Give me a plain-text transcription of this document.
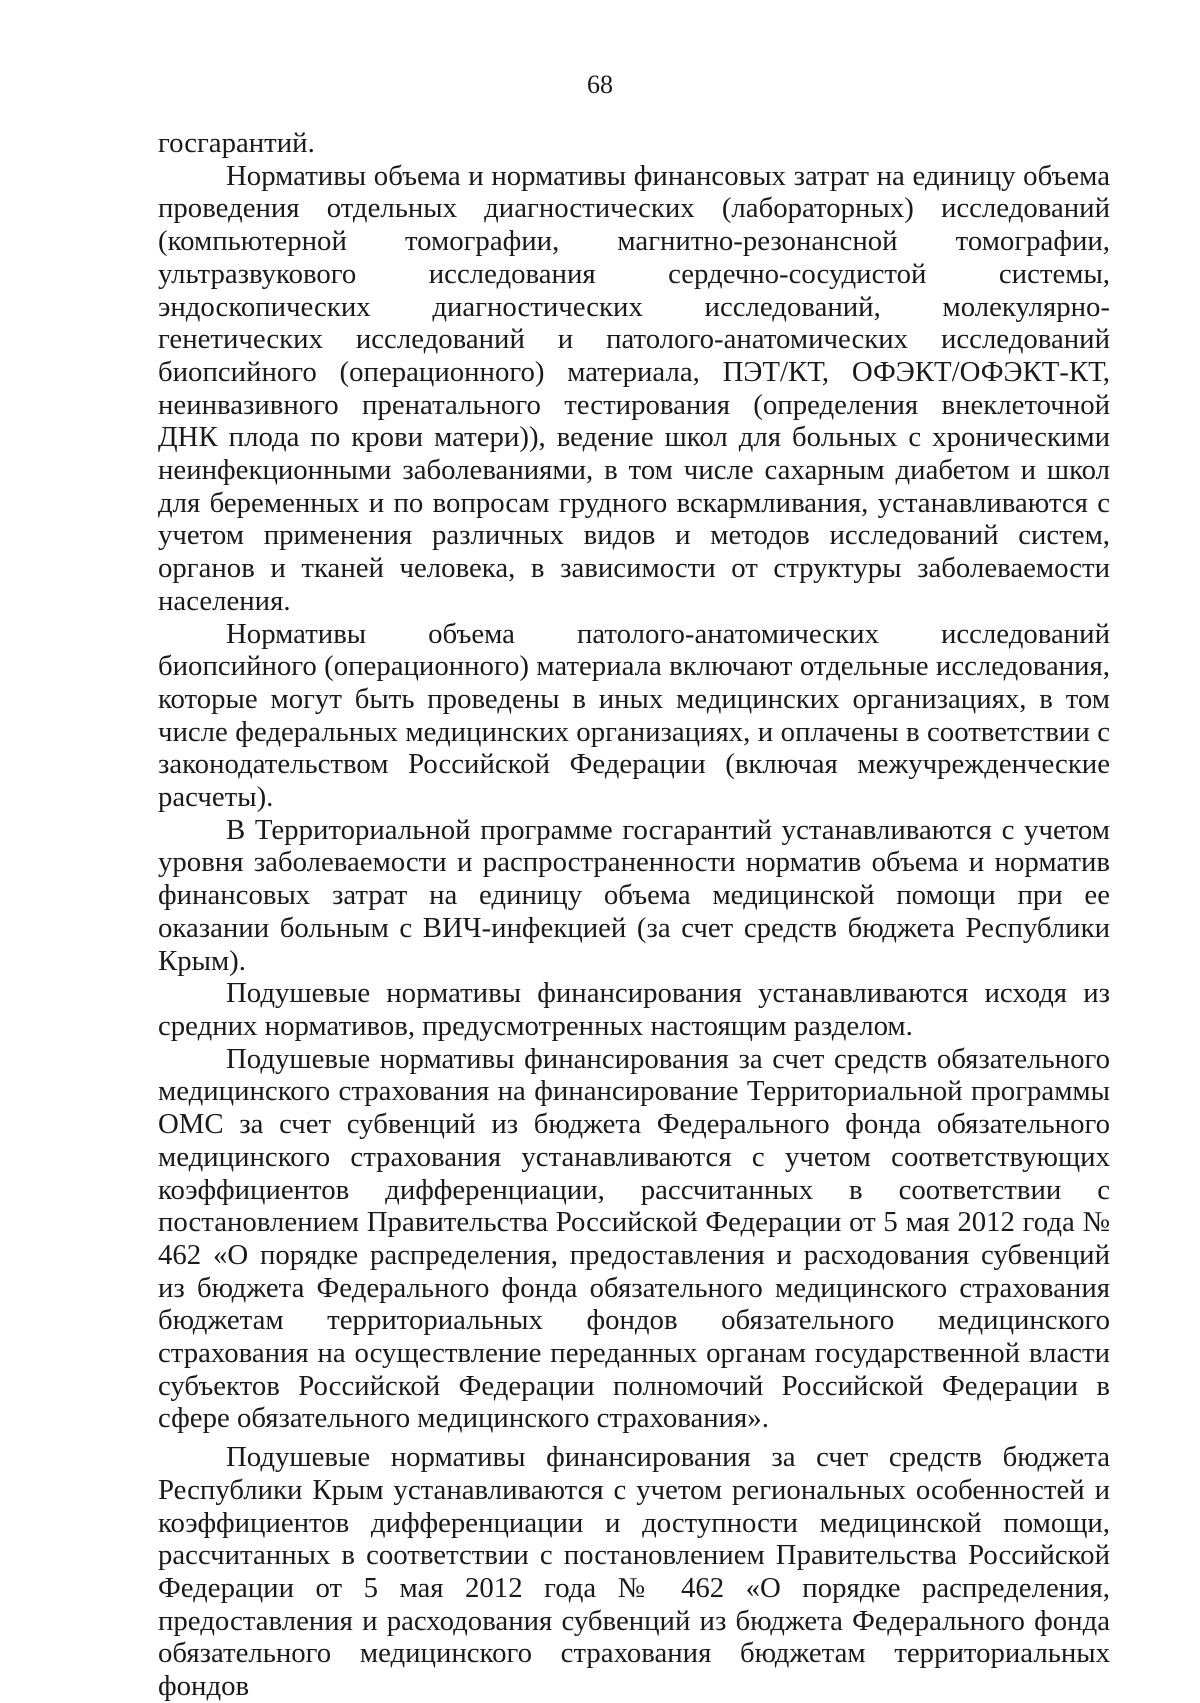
68

госгарантий.

Нормативы объема и нормативы финансовых затрат на единицу объема проведения отдельных диагностических (лабораторных) исследований (компьютерной томографии, магнитно-резонансной томографии, ультразвукового исследования сердечно-сосудистой системы, эндоскопических диагностических исследований, молекулярно-генетических исследований и патолого-анатомических исследований биопсийного (операционного) материала, ПЭТ/КТ, ОФЭКТ/ОФЭКТ-КТ, неинвазивного пренатального тестирования (определения внеклеточной ДНК плода по крови матери)), ведение школ для больных с хроническими неинфекционными заболеваниями, в том числе сахарным диабетом и школ для беременных и по вопросам грудного вскармливания, устанавливаются с учетом применения различных видов и методов исследований систем, органов и тканей человека, в зависимости от структуры заболеваемости населения.

Нормативы объема патолого-анатомических исследований биопсийного (операционного) материала включают отдельные исследования, которые могут быть проведены в иных медицинских организациях, в том числе федеральных медицинских организациях, и оплачены в соответствии с законодательством Российской Федерации (включая межучрежденческие расчеты).

В Территориальной программе госгарантий устанавливаются с учетом уровня заболеваемости и распространенности норматив объема и норматив финансовых затрат на единицу объема медицинской помощи при ее оказании больным с ВИЧ-инфекцией (за счет средств бюджета Республики Крым).

Подушевые нормативы финансирования устанавливаются исходя из средних нормативов, предусмотренных настоящим разделом.

Подушевые нормативы финансирования за счет средств обязательного медицинского страхования на финансирование Территориальной программы ОМС за счет субвенций из бюджета Федерального фонда обязательного медицинского страхования устанавливаются с учетом соответствующих коэффициентов дифференциации, рассчитанных в соответствии с постановлением Правительства Российской Федерации от 5 мая 2012 года № 462 «О порядке распределения, предоставления и расходования субвенций из бюджета Федерального фонда обязательного медицинского страхования бюджетам территориальных фондов обязательного медицинского страхования на осуществление переданных органам государственной власти субъектов Российской Федерации полномочий Российской Федерации в сфере обязательного медицинского страхования».

Подушевые нормативы финансирования за счет средств бюджета Республики Крым устанавливаются с учетом региональных особенностей и коэффициентов дифференциации и доступности медицинской помощи, рассчитанных в соответствии с постановлением Правительства Российской Федерации от 5 мая 2012 года № 462 «О порядке распределения, предоставления и расходования субвенций из бюджета Федерального фонда обязательного медицинского страхования бюджетам территориальных фондов
